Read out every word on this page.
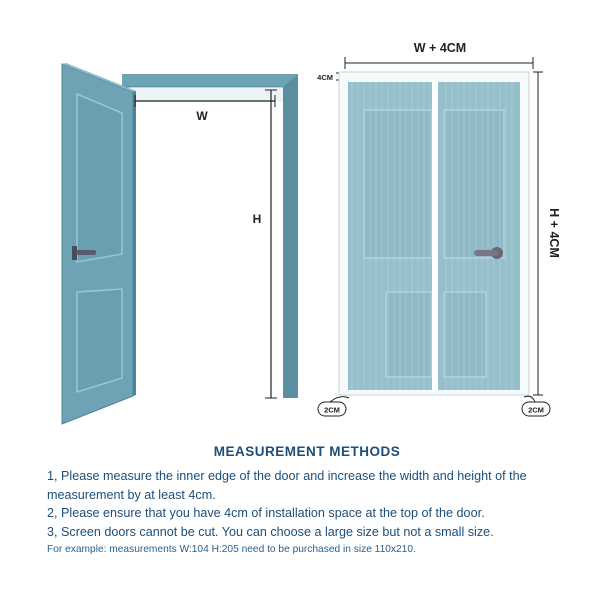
W
H
W + 4CM
4CM
H + 4CM
2CM	2CM
MEASUREMENT METHODS

1, Please measure the inner edge of the door and increase the width and height of the measurement by at least 4cm.

2, Please ensure that you have 4cm of installation space at the top of the door.

3, Screen doors cannot be cut. You can choose a large size but not a small size.

For example: measurements W:104 H:205 need to be purchased in size 110x210.
